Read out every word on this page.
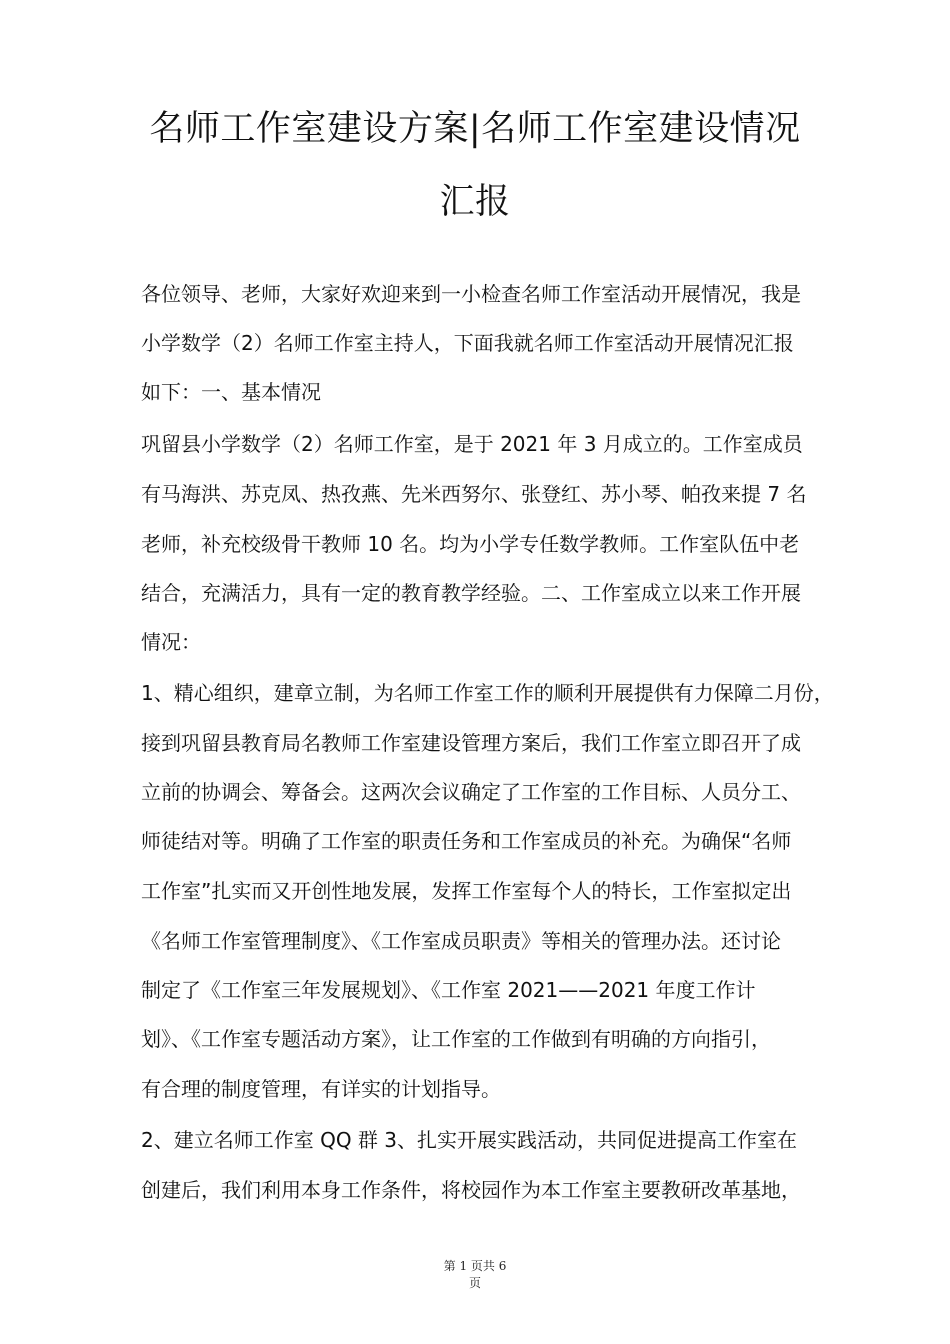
名师工作室建设方案|名师工作室建设情况
汇报
各位领导、老师，大家好欢迎来到一小检查名师工作室活动开展情况，我是
小学数学（2）名师工作室主持人，下面我就名师工作室活动开展情况汇报
如下：一、基本情况
巩留县小学数学（2）名师工作室，是于 2021 年 3 月成立的。工作室成员
有马海洪、苏克凤、热孜燕、先米西努尔、张登红、苏小琴、帕孜来提 7 名
老师，补充校级骨干教师 10 名。均为小学专任数学教师。工作室队伍中老
结合，充满活力，具有一定的教育教学经验。二、工作室成立以来工作开展
情况：
1、精心组织，建章立制，为名师工作室工作的顺利开展提供有力保障二月份，
接到巩留县教育局名教师工作室建设管理方案后，我们工作室立即召开了成
立前的协调会、筹备会。这两次会议确定了工作室的工作目标、人员分工、
师徒结对等。明确了工作室的职责任务和工作室成员的补充。为确保“名师
工作室”扎实而又开创性地发展，发挥工作室每个人的特长，工作室拟定出
《名师工作室管理制度》、《工作室成员职责》等相关的管理办法。还讨论
制定了《工作室三年发展规划》、《工作室 2021——2021 年度工作计
划》、《工作室专题活动方案》，让工作室的工作做到有明确的方向指引，
有合理的制度管理，有详实的计划指导。
2、建立名师工作室 QQ 群 3、扎实开展实践活动，共同促进提高工作室在
创建后，我们利用本身工作条件，将校园作为本工作室主要教研改革基地，
第 1 页共 6
页
